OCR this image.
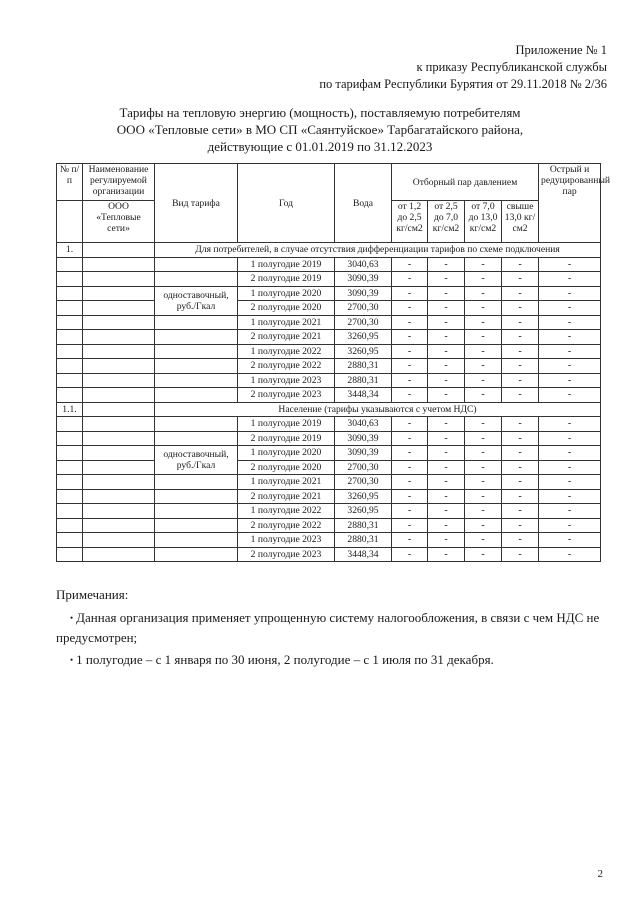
Приложение № 1
к приказу Республиканской службы
по тарифам Республики Бурятия от 29.11.2018 № 2/36
Тарифы на тепловую энергию (мощность), поставляемую потребителям
ООО «Тепловые сети» в МО СП «Саянтуйское» Тарбагатайского района,
действующие с 01.01.2019 по 31.12.2023
№ п/п	Наименование регулируемой организации	Вид тарифа	Год	Вода	Отборный пар давлением				Острый и редуцированный пар
	ООО «Тепловые сети»				от 1,2 до 2,5 кг/см2	от 2,5 до 7,0 кг/см2	от 7,0 до 13,0 кг/см2	свыше 13,0 кг/см2	
1.		Для потребителей, в случае отсутствия дифференциации тарифов по схеме подключения							
			1 полугодие 2019	3040,63	-	-	-	-	-
			2 полугодие 2019	3090,39	-	-	-	-	-
		одноставочный, руб./Гкал	1 полугодие 2020	3090,39	-	-	-	-	-
			2 полугодие 2020	2700,30	-	-	-	-	-
			1 полугодие 2021	2700,30	-	-	-	-	-
			2 полугодие 2021	3260,95	-	-	-	-	-
			1 полугодие 2022	3260,95	-	-	-	-	-
			2 полугодие 2022	2880,31	-	-	-	-	-
			1 полугодие 2023	2880,31	-	-	-	-	-
			2 полугодие 2023	3448,34	-	-	-	-	-
1.1.		Население (тарифы указываются с учетом НДС)							
			1 полугодие 2019	3040,63	-	-	-	-	-
			2 полугодие 2019	3090,39	-	-	-	-	-
		одноставочный, руб./Гкал	1 полугодие 2020	3090,39	-	-	-	-	-
			2 полугодие 2020	2700,30	-	-	-	-	-
			1 полугодие 2021	2700,30	-	-	-	-	-
			2 полугодие 2021	3260,95	-	-	-	-	-
			1 полугодие 2022	3260,95	-	-	-	-	-
			2 полугодие 2022	2880,31	-	-	-	-	-
			1 полугодие 2023	2880,31	-	-	-	-	-
			2 полугодие 2023	3448,34	-	-	-	-	-
Примечания:
• Данная организация применяет упрощенную систему налогообложения, в связи с чем НДС не предусмотрен;
• 1 полугодие – с 1 января по 30 июня, 2 полугодие – с 1 июля по 31 декабря.
2
